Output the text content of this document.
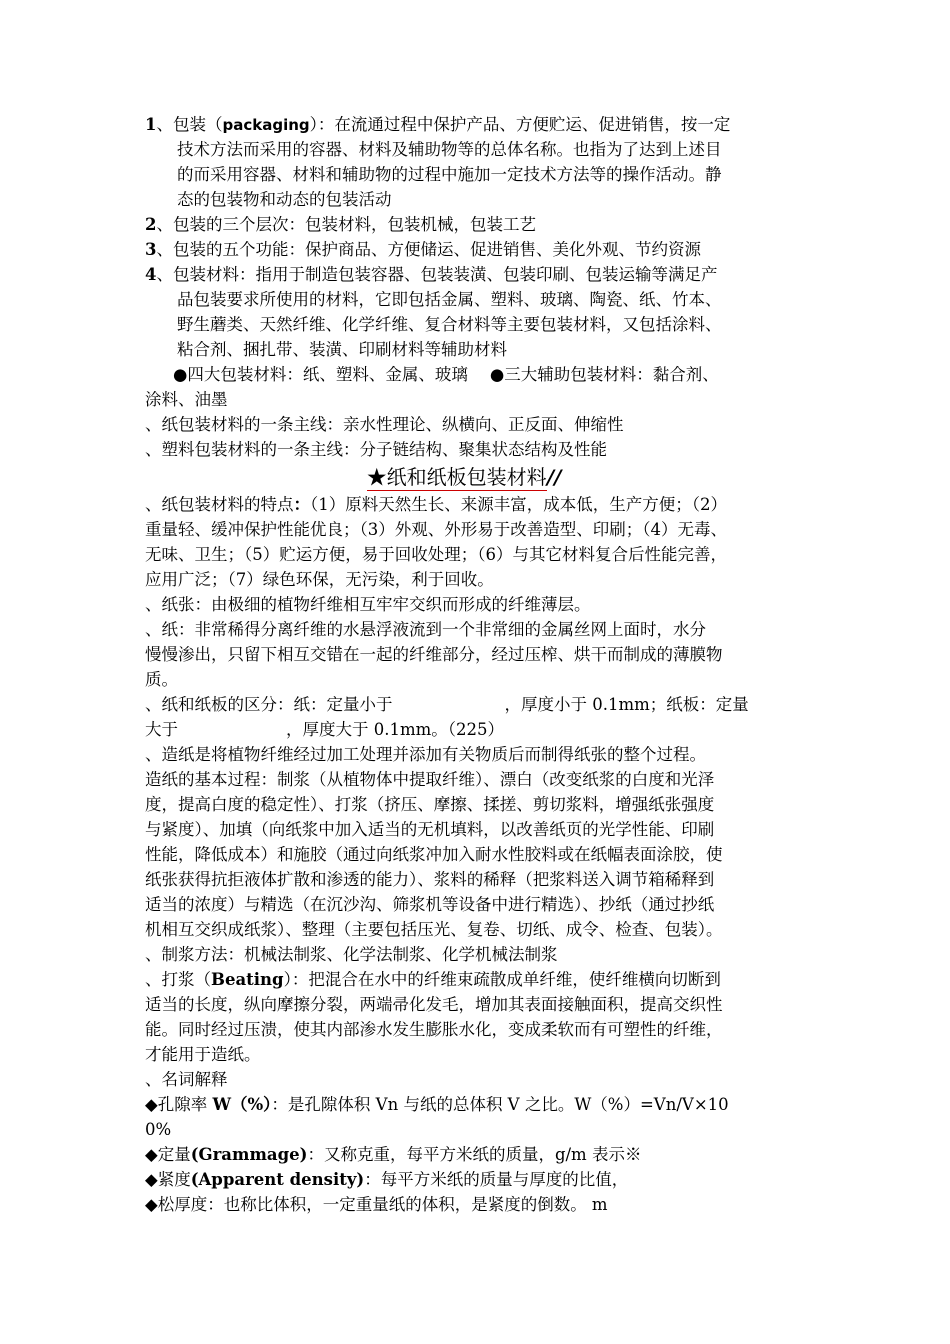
1、包装（packaging）：在流通过程中保护产品、方便贮运、促进销售，按一定
技术方法而采用的容器、材料及辅助物等的总体名称。也指为了达到上述目
的而采用容器、材料和辅助物的过程中施加一定技术方法等的操作活动。静
态的包装物和动态的包装活动
2、包装的三个层次：包装材料，包装机械，包装工艺
3、包装的五个功能：保护商品、方便储运、促进销售、美化外观、节约资源
4、包装材料：指用于制造包装容器、包装装潢、包装印刷、包装运输等满足产
品包装要求所使用的材料，它即包括金属、塑料、玻璃、陶瓷、纸、竹本、
野生蘑类、天然纤维、化学纤维、复合材料等主要包装材料，又包括涂料、
粘合剂、捆扎带、装潢、印刷材料等辅助材料
●四大包装材料：纸、塑料、金属、玻璃 ●三大辅助包装材料：黏合剂、
涂料、油墨
、纸包装材料的一条主线：亲水性理论、纵横向、正反面、伸缩性
、塑料包装材料的一条主线：分子链结构、聚集状态结构及性能
★纸和纸板包装材料//
、纸包装材料的特点：（1）原料天然生长、来源丰富，成本低，生产方便；（2）
重量轻、缓冲保护性能优良；（3）外观、外形易于改善造型、印刷；（4）无毒、
无味、卫生；（5）贮运方便，易于回收处理；（6）与其它材料复合后性能完善，
应用广泛；（7）绿色环保，无污染，利于回收。
、纸张：由极细的植物纤维相互牢牢交织而形成的纤维薄层。
、纸：非常稀得分离纤维的水悬浮液流到一个非常细的金属丝网上面时，水分
慢慢渗出，只留下相互交错在一起的纤维部分，经过压榨、烘干而制成的薄膜物
质。
、纸和纸板的区分：纸：定量小于	，厚度小于 0.1mm；纸板：定量
大于	，厚度大于 0.1mm。（225）
、造纸是将植物纤维经过加工处理并添加有关物质后而制得纸张的整个过程。
造纸的基本过程：制浆（从植物体中提取纤维）、漂白（改变纸浆的白度和光泽
度，提高白度的稳定性）、打浆（挤压、摩擦、揉搓、剪切浆料，增强纸张强度
与紧度）、加填（向纸浆中加入适当的无机填料，以改善纸页的光学性能、印刷
性能，降低成本）和施胶（通过向纸浆冲加入耐水性胶料或在纸幅表面涂胶，使
纸张获得抗拒液体扩散和渗透的能力）、浆料的稀释（把浆料送入调节箱稀释到
适当的浓度）与精选（在沉沙沟、筛浆机等设备中进行精选）、抄纸（通过抄纸
机相互交织成纸浆）、整理（主要包括压光、复卷、切纸、成令、检查、包装）。
、制浆方法：机械法制浆、化学法制浆、化学机械法制浆
、打浆（Beating）：把混合在水中的纤维束疏散成单纤维，使纤维横向切断到
适当的长度，纵向摩擦分裂，两端帚化发毛，增加其表面接触面积，提高交织性
能。同时经过压溃，使其内部渗水发生膨胀水化，变成柔软而有可塑性的纤维，
才能用于造纸。
、名词解释
◆孔隙率 W（%）：是孔隙体积 Vn 与纸的总体积 V 之比。W（%）=Vn/V×10
0%
◆定量(Grammage)：又称克重，每平方米纸的质量，g/m 表示※
◆紧度(Apparent density)：每平方米纸的质量与厚度的比值，
◆松厚度：也称比体积，一定重量纸的体积，是紧度的倒数。 m
